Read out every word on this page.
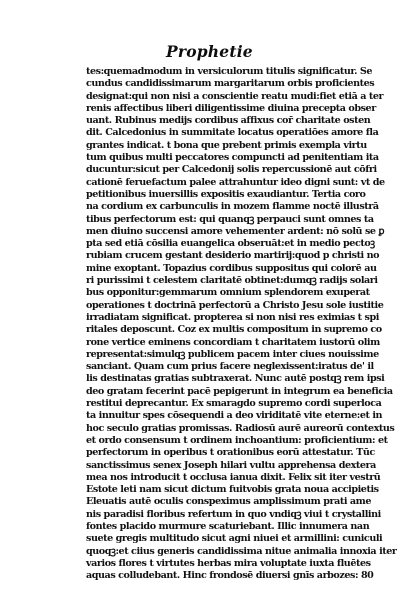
Prophetie
tes:quemadmodum in versiculorum titulis significatur. Se
cundus candidissimarum margaritarum orbis proficientes
designat:qui non nisi a conscientie reatu mudi:fiet etiā a ter
renis affectibus liberi diligentissime diuina precepta obser
uant. Rubinus medijs cordibus affixus cor̄ charitate osten
dit. Calcedonius in summitate locatus operatiōes amore fla
grantes indicat. t bona que prebent primis exempla virtu
tum quibus multi peccatores compuncti ad penitentiam ita
ducuntur:sicut per Calcedonij solis repercussionē aut cōfri
cationē feruefactum palee attrahuntur ideo digni sunt: vt de
petitionibus inuersillis expositis exaudiantur. Tertia coro
na cordium ex carbunculis in mozem flamme noctē illustrā
tibus perfectorum est: qui quanqꝫ perpauci sunt omnes ta
men diuino succensi amore vehementer ardent: nō solū se ꝑ
pta sed etiā cōsilia euangelica obseruāt:et in medio pectoꝫ
rubiam crucem gestant desiderio martirij:quod p christi no
mine exoptant. Topazius cordibus suppositus qui colorē au
ri purissimi t celestem claritatē obtinet:dumqꝫ radijs solari
bus opponitur:gemmarum omnium splendorem exuperat
operationes t doctrinā perfectorū a Christo Jesu sole iustitie
irradiatam significat. propterea si non nisi res eximias t spi
ritales deposcunt. Coz ex multis compositum in supremo co
rone vertice eminens concordiam t charitatem iustorū olim
representat:simulqꝫ publicem pacem inter ciues nouissime
sanciant. Quam cum prius facere neglexissent:iratus de' il
lis destinatas gratias subtraxerat. Nunc autē postqꝫ rem ipsi
deo gratam fecerint pacē pepigerunt in integrum ea beneficia
restitui deprecantur. Ex smaragdo supremo cordi superloca
ta innuitur spes cōsequendi a deo viriditatē vite eterne:et in
hoc seculo gratias promissas. Radiosū aurē aureorū contextus
et ordo consensum t ordinem inchoantium: proficientium: et
perfectorum in operibus t orationibus eorū attestatur. Tūc
sanctissimus senex Joseph hilari vultu apprehensa dextera
mea nos introducit t occlusa ianua dixit. Felix sit iter vestrū
Estote leti nam sicut dictum fuitvobis grata noua accipietis
Eleuatis autē oculis conspeximus amplissimum prati ame
nis paradisi floribus refertum in quo vndiqꝫ viui t crystallini
fontes placido murmure scaturiebant. Illic innumera nan
suete gregis multitudo sicut agni niuei et armillini: cuniculi
quoqꝫ:et ciius generis candidissima nitue animalia innoxia iter
varios flores t virtutes herbas mira voluptate iuxta fluētes
aquas colludebant. Hinc frondosē diuersi gnīs arbozes: 80
